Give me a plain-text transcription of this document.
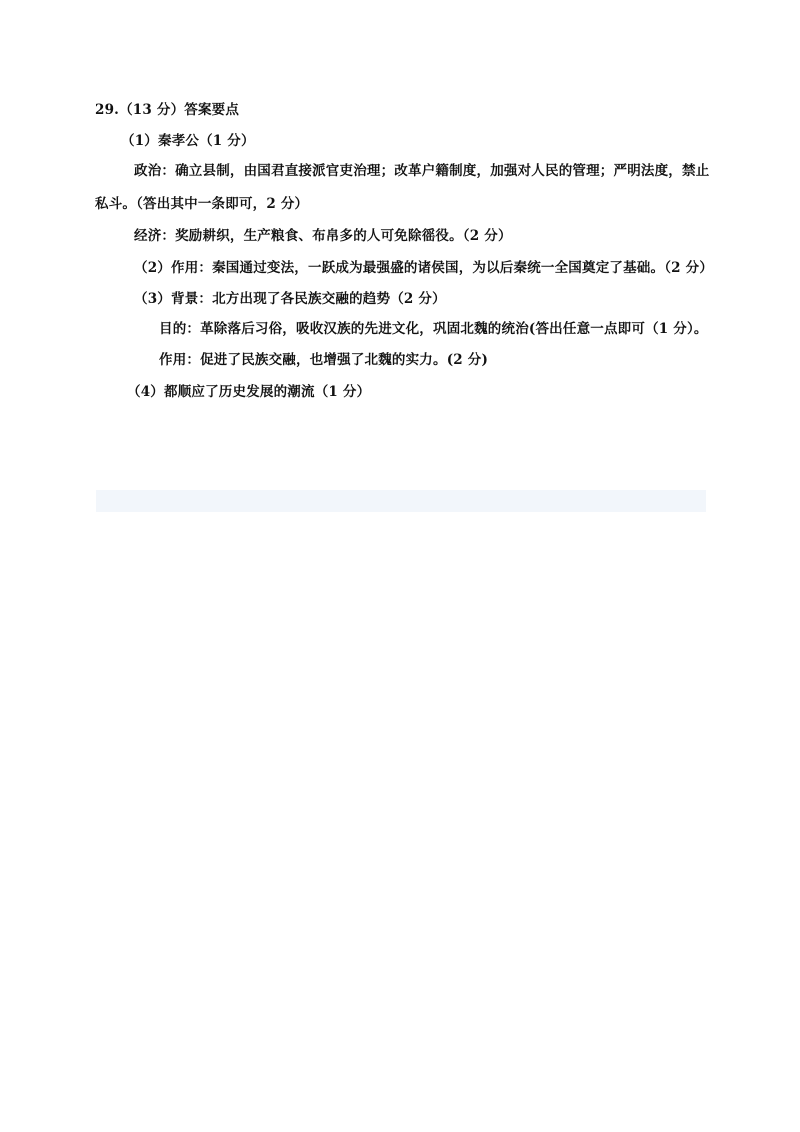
29.（13 分）答案要点
（1）秦孝公（1 分）
政治：确立县制，由国君直接派官吏治理；改革户籍制度，加强对人民的管理；严明法度，禁止
私斗。（答出其中一条即可，2 分）
经济：奖励耕织，生产粮食、布帛多的人可免除徭役。（2 分）
（2）作用：秦国通过变法，一跃成为最强盛的诸侯国，为以后秦统一全国奠定了基础。（2 分）
（3）背景：北方出现了各民族交融的趋势（2 分）
目的：革除落后习俗，吸收汉族的先进文化，巩固北魏的统治(答出任意一点即可（1 分）。
作用：促进了民族交融，也增强了北魏的实力。(2 分)
（4）都顺应了历史发展的潮流（1 分）
